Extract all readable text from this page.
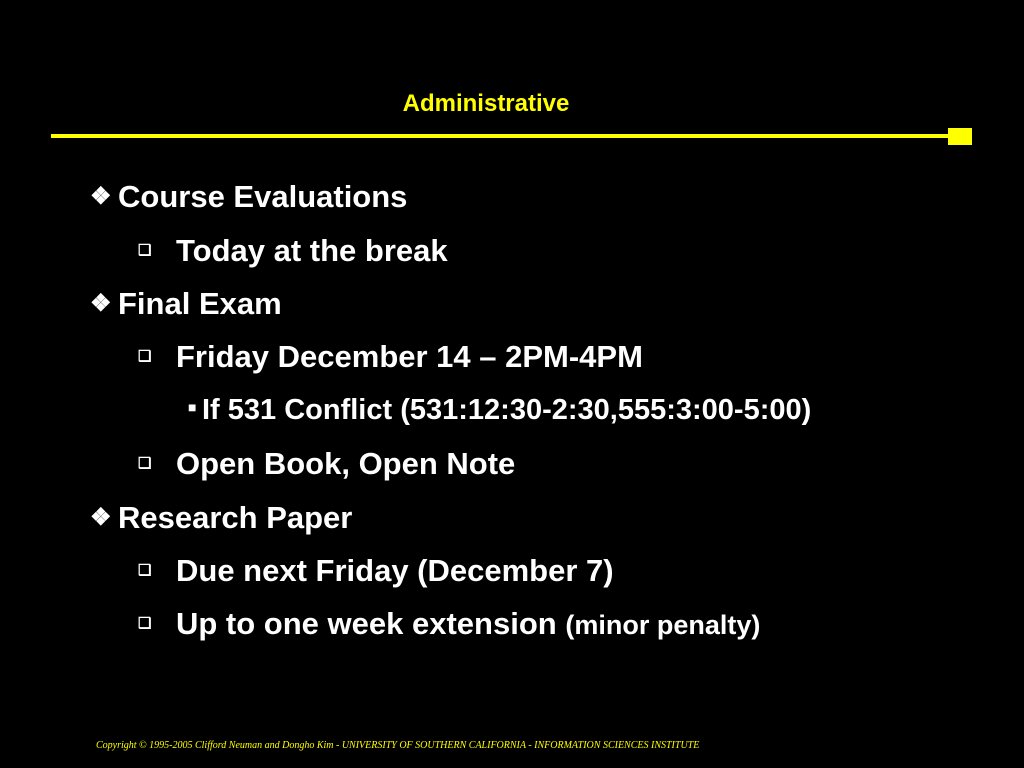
Administrative
❖ Course Evaluations
❑ Today at the break
❖ Final Exam
❑ Friday December 14 – 2PM-4PM
■ If 531 Conflict (531:12:30-2:30,555:3:00-5:00)
❑ Open Book, Open Note
❖ Research Paper
❑ Due next Friday (December 7)
❑ Up to one week extension (minor penalty)
Copyright © 1995-2005 Clifford Neuman and Dongho Kim - UNIVERSITY OF SOUTHERN CALIFORNIA - INFORMATION SCIENCES INSTITUTE
